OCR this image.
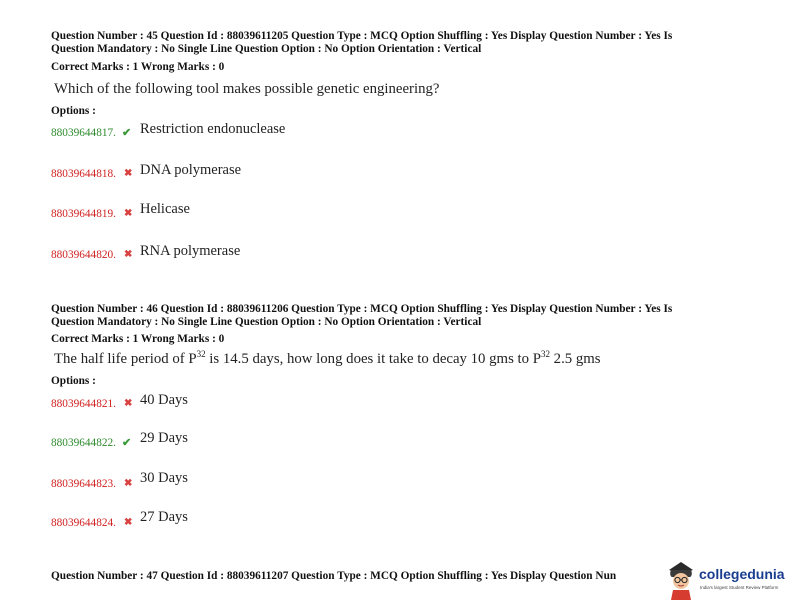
Question Number : 45 Question Id : 88039611205 Question Type : MCQ Option Shuffling : Yes Display Question Number : Yes Is
Question Mandatory : No Single Line Question Option : No Option Orientation : Vertical
Correct Marks : 1 Wrong Marks : 0
Which of the following tool makes possible genetic engineering?
Options :
88039644817. ✔ Restriction endonuclease
88039644818. ✖ DNA polymerase
88039644819. ✖ Helicase
88039644820. ✖ RNA polymerase
Question Number : 46 Question Id : 88039611206 Question Type : MCQ Option Shuffling : Yes Display Question Number : Yes Is
Question Mandatory : No Single Line Question Option : No Option Orientation : Vertical
Correct Marks : 1 Wrong Marks : 0
The half life period of $P^{32}$ is 14.5 days, how long does it take to decay 10 gms to $P^{32}$ 2.5 gms
Options :
88039644821. ✖ 40 Days
88039644822. ✔ 29 Days
88039644823. ✖ 30 Days
88039644824. ✖ 27 Days
Question Number : 47 Question Id : 88039611207 Question Type : MCQ Option Shuffling : Yes Display Question Nun	collegedunia
India's largest Student Review Platform
